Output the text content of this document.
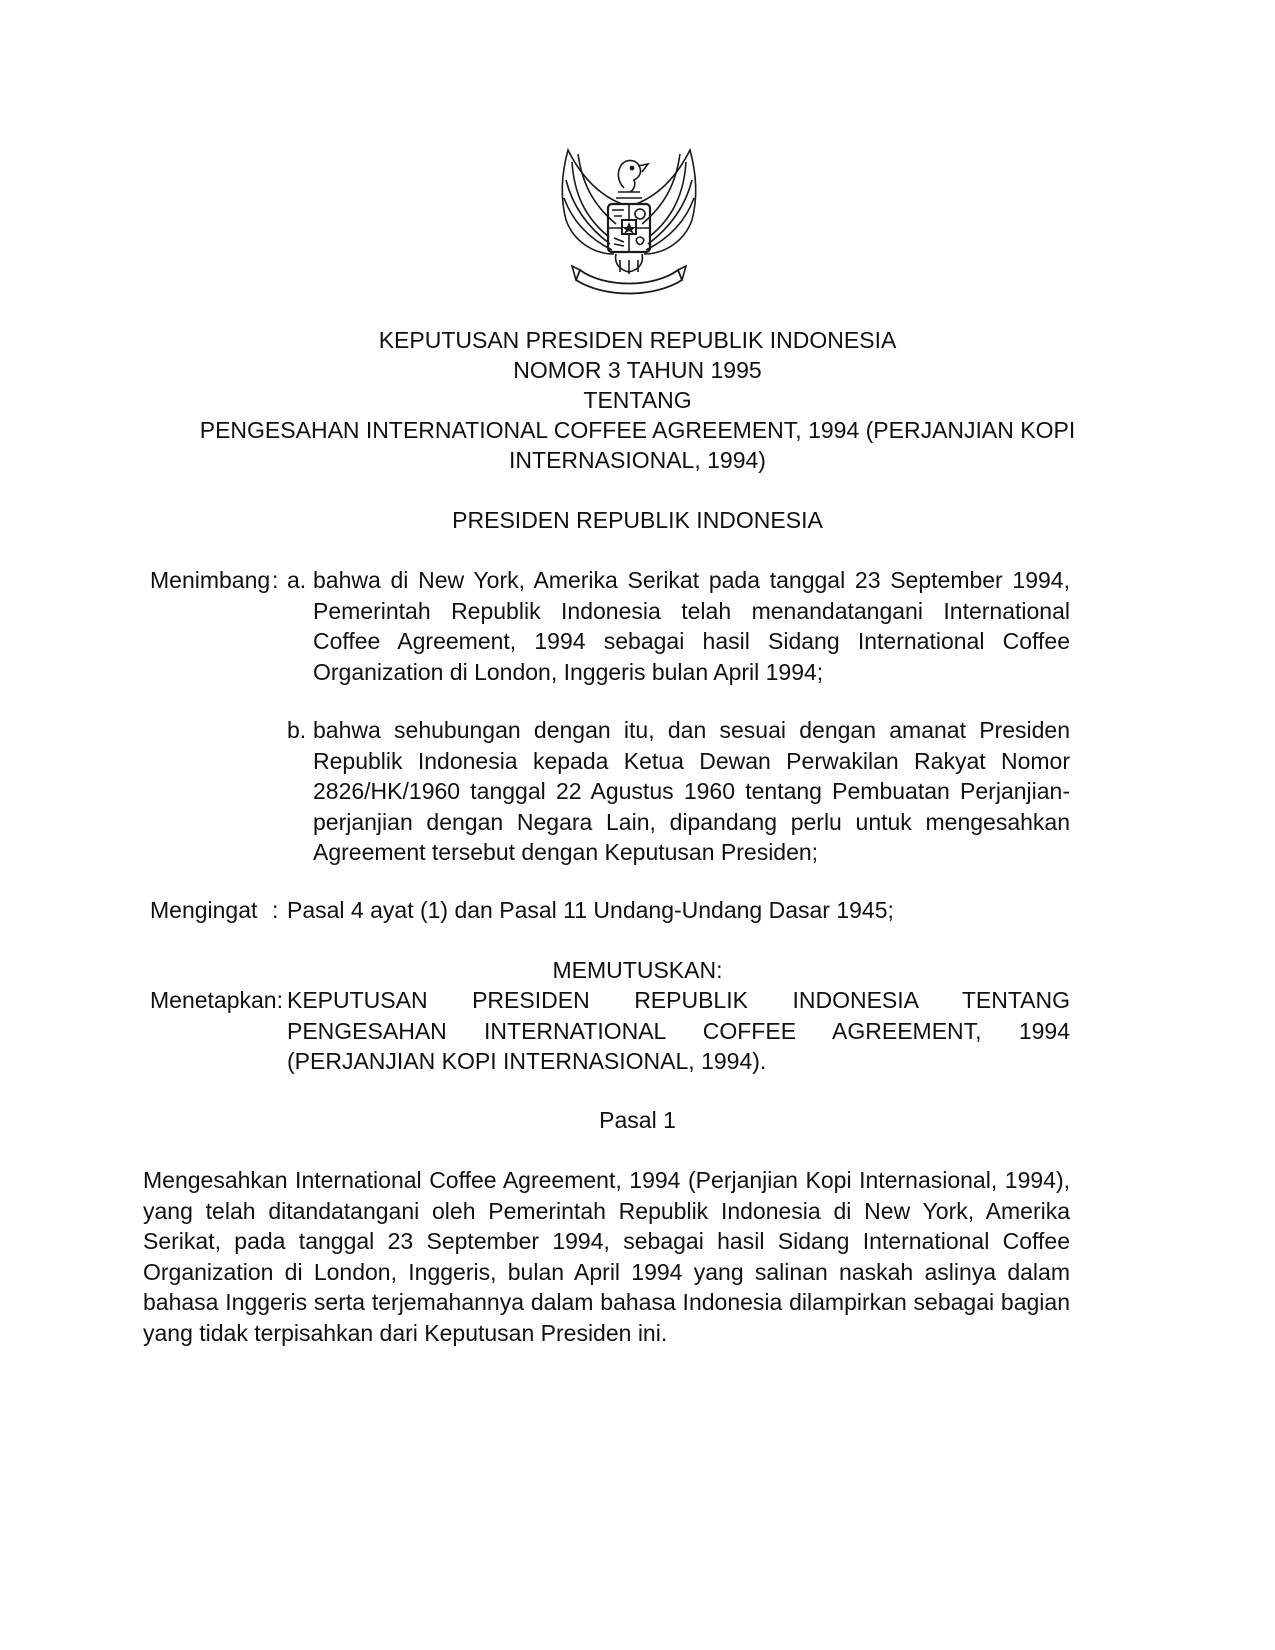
KEPUTUSAN PRESIDEN REPUBLIK INDONESIA
NOMOR 3 TAHUN 1995
TENTANG
PENGESAHAN INTERNATIONAL COFFEE AGREEMENT, 1994 (PERJANJIAN KOPI
INTERNASIONAL, 1994)
PRESIDEN REPUBLIK INDONESIA
Menimbang : a. bahwa di New York, Amerika Serikat pada tanggal 23 September 1994, Pemerintah Republik Indonesia telah menandatangani International Coffee Agreement, 1994 sebagai hasil Sidang International Coffee Organization di London, Inggeris bulan April 1994;
b. bahwa sehubungan dengan itu, dan sesuai dengan amanat Presiden Republik Indonesia kepada Ketua Dewan Perwakilan Rakyat Nomor 2826/HK/1960 tanggal 22 Agustus 1960 tentang Pembuatan Perjanjian-perjanjian dengan Negara Lain, dipandang perlu untuk mengesahkan Agreement tersebut dengan Keputusan Presiden;
Mengingat : Pasal 4 ayat (1) dan Pasal 11 Undang-Undang Dasar 1945;
MEMUTUSKAN:
Menetapkan: KEPUTUSAN PRESIDEN REPUBLIK INDONESIA TENTANG PENGESAHAN INTERNATIONAL COFFEE AGREEMENT, 1994 (PERJANJIAN KOPI INTERNASIONAL, 1994).
Pasal 1
Mengesahkan International Coffee Agreement, 1994 (Perjanjian Kopi Internasional, 1994), yang telah ditandatangani oleh Pemerintah Republik Indonesia di New York, Amerika Serikat, pada tanggal 23 September 1994, sebagai hasil Sidang International Coffee Organization di London, Inggeris, bulan April 1994 yang salinan naskah aslinya dalam bahasa Inggeris serta terjemahannya dalam bahasa Indonesia dilampirkan sebagai bagian yang tidak terpisahkan dari Keputusan Presiden ini.
